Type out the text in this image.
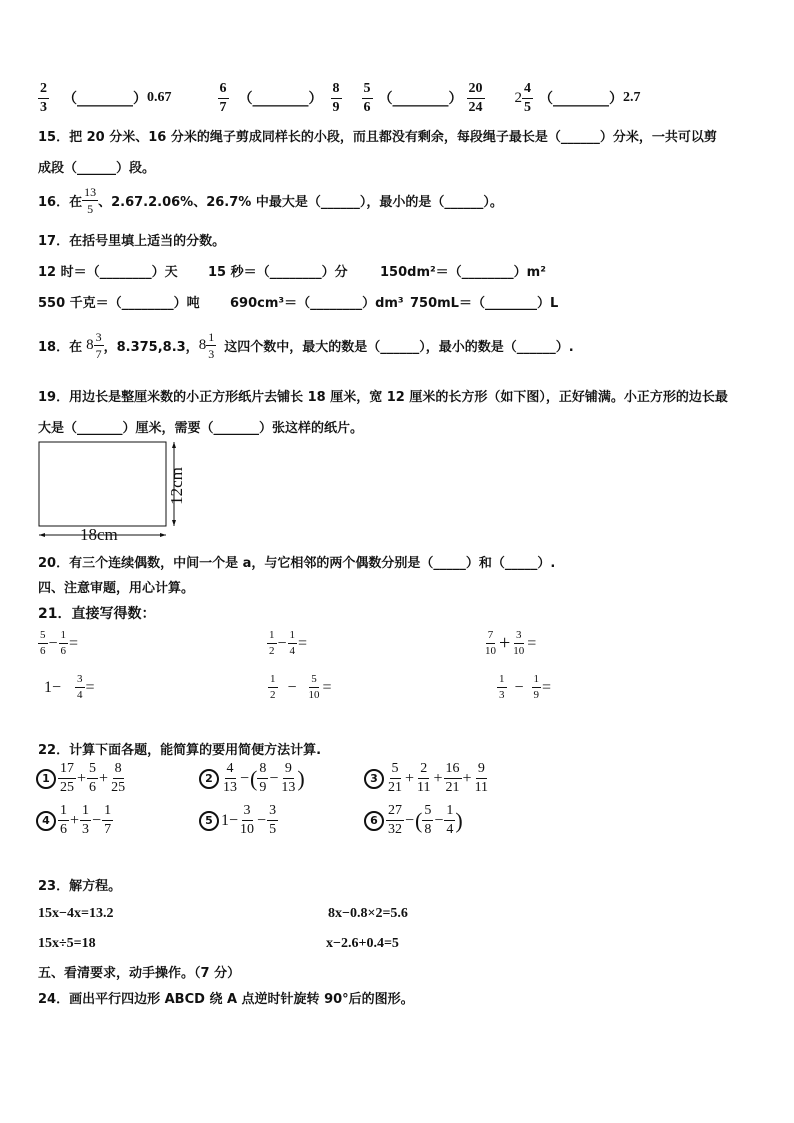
$\frac{2}{3}$ （________） 0.67	$\frac{6}{7}$ （________） $\frac{8}{9} \frac{5}{6}$ （________） $\frac{20}{24} 2 \frac{4}{5}$ （________） 2.7
15．把 20 分米、16 分米的绳子剪成同样长的小段，而且都没有剩余，每段绳子最长是（______）分米，一共可以剪
成段（______）段。
16．在 $\frac{13}{5}$ 、2.67.2.06%、26.7% 中最大是（______），最小的是（______）。
17．在括号里填上适当的分数。
12 时＝（________）天 15 秒＝（________）分 150dm²＝（________）m²
550 千克＝（________）吨 690cm³＝（________）dm³ 750mL＝（________）L
18．在 $8 \frac{3}{7}$ ，8.375,8.3， $8 \frac{1}{3}$ 这四个数中，最大的数是（______），最小的数是（______）.
19．用边长是整厘米数的小正方形纸片去铺长 18 厘米，宽 12 厘米的长方形（如下图），正好铺满。小正方形的边长最
大是（_______）厘米，需要（_______）张这样的纸片。
18cm
12cm
20．有三个连续偶数，中间一个是 a，与它相邻的两个偶数分别是（_____）和（_____）.
四、注意审题，用心计算。
21．直接写得数：
$\frac{5}{6} - \frac{1}{6}$ =	$\frac{1}{2} - \frac{1}{4}$ =	$\frac{7}{10} + \frac{3}{10}$ =
$1- \frac{3}{4}$ =	$\frac{1}{2} - \frac{5}{10}$ =	$\frac{1}{3} - \frac{1}{9}$ =
22．计算下面各题，能简算的要用简便方法计算.
$1 \frac{17}{25} + \frac{5}{6} + \frac{8}{25}$	$2 \frac{4}{13}$ − ( $\frac{8}{9} - \frac{9}{13}$ )	$3 \frac{5}{21} + \frac{2}{11} + \frac{16}{21} + \frac{9}{11}$
$4 \frac{1}{6} + \frac{1}{3} - \frac{1}{7}$	5 $1- \frac{3}{10} - \frac{3}{5}$	$6 \frac{27}{32}$ − ( $\frac{5}{8} - \frac{1}{4}$ )
23．解方程。
15x−4x=13.2	8x−0.8×2=5.6
15x÷5=18	x−2.6+0.4=5
五、看清要求，动手操作。（7 分）
24．画出平行四边形 ABCD 绕 A 点逆时针旋转 90°后的图形。
